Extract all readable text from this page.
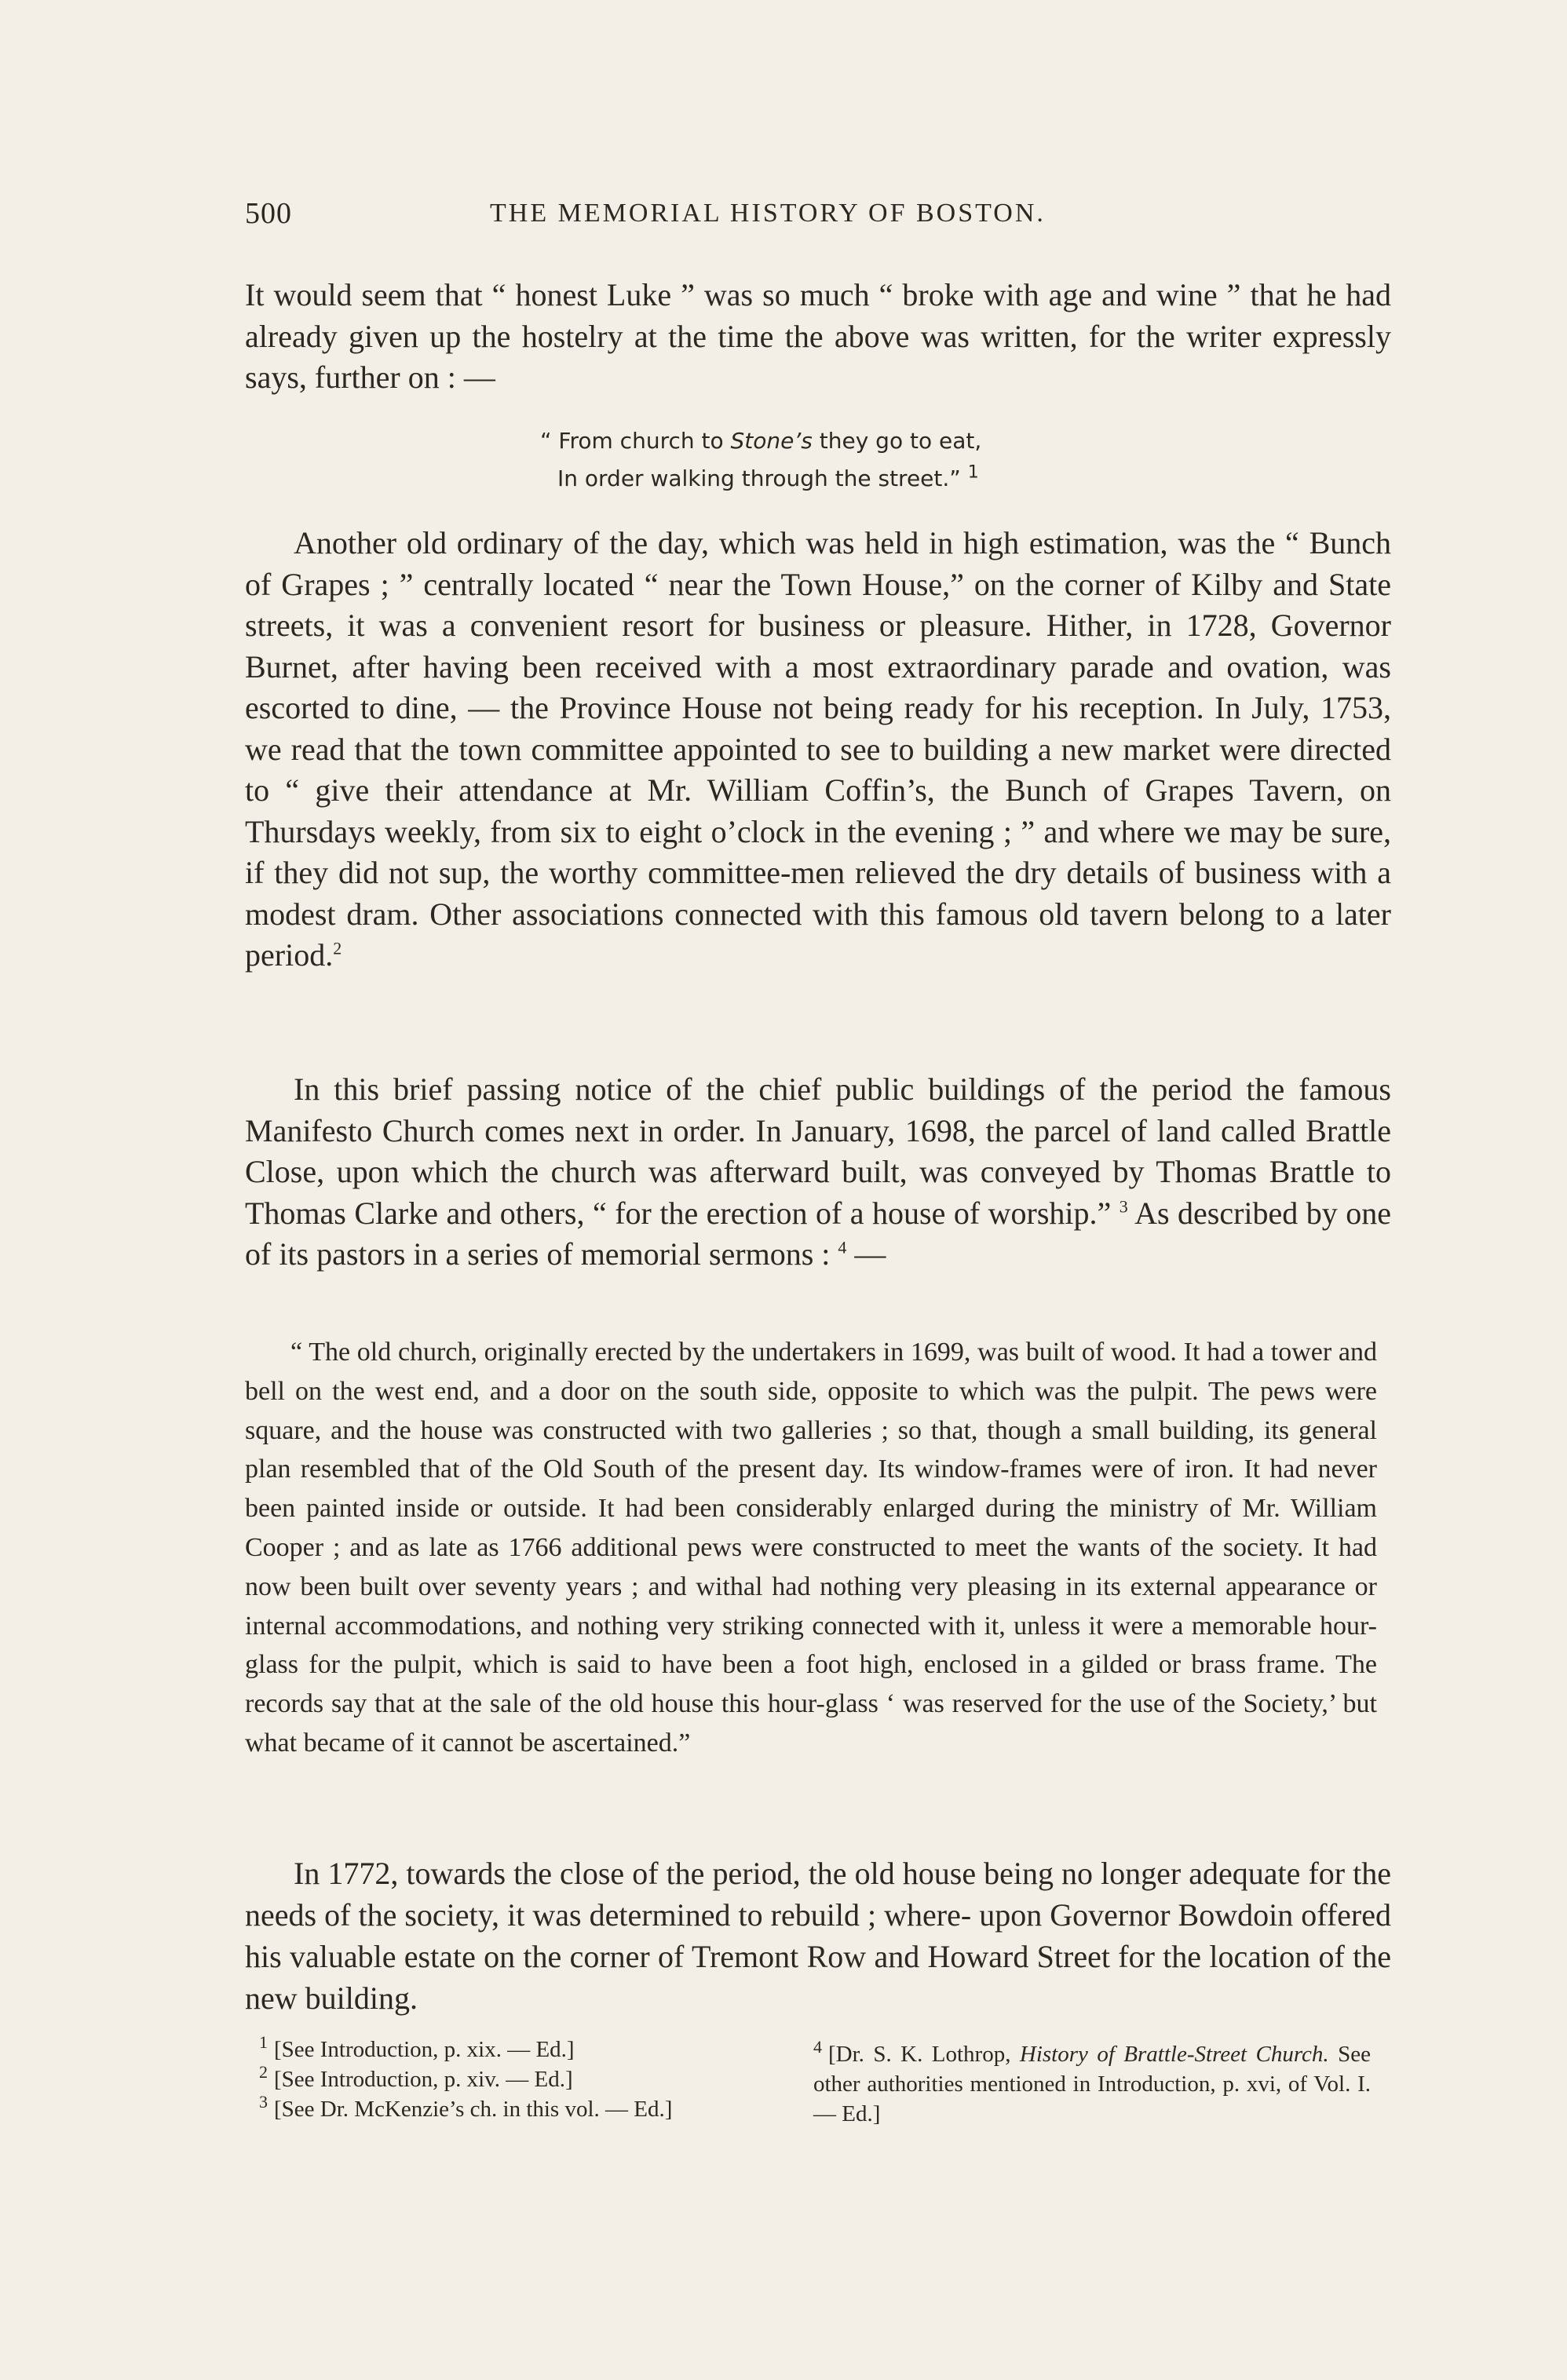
500	THE MEMORIAL HISTORY OF BOSTON.

It would seem that “ honest Luke ” was so much “ broke with age and wine ” that he had already given up the hostelry at the time the above was written, for the writer expressly says, further on : —

“ From church to Stone’s they go to eat,
In order walking through the street.” $^1$

Another old ordinary of the day, which was held in high estimation, was the “ Bunch of Grapes ; ” centrally located “ near the Town House,” on the corner of Kilby and State streets, it was a convenient resort for business or pleasure. Hither, in 1728, Governor Burnet, after having been received with a most extraordinary parade and ovation, was escorted to dine, — the Province House not being ready for his reception. In July, 1753, we read that the town committee appointed to see to building a new market were directed to “ give their attendance at Mr. William Coffin’s, the Bunch of Grapes Tavern, on Thursdays weekly, from six to eight o’clock in the evening ; ” and where we may be sure, if they did not sup, the worthy committee-men relieved the dry details of business with a modest dram. Other associations connected with this famous old tavern belong to a later period.$^2$

In this brief passing notice of the chief public buildings of the period the famous Manifesto Church comes next in order. In January, 1698, the parcel of land called Brattle Close, upon which the church was afterward built, was conveyed by Thomas Brattle to Thomas Clarke and others, “ for the erection of a house of worship.” $^3$ As described by one of its pastors in a series of memorial sermons : $^4$ —

“ The old church, originally erected by the undertakers in 1699, was built of wood. It had a tower and bell on the west end, and a door on the south side, opposite to which was the pulpit. The pews were square, and the house was constructed with two galleries ; so that, though a small building, its general plan resembled that of the Old South of the present day. Its window-frames were of iron. It had never been painted inside or outside. It had been considerably enlarged during the ministry of Mr. William Cooper ; and as late as 1766 additional pews were constructed to meet the wants of the society. It had now been built over seventy years ; and withal had nothing very pleasing in its external appearance or internal accommodations, and nothing very striking connected with it, unless it were a memorable hour-glass for the pulpit, which is said to have been a foot high, enclosed in a gilded or brass frame. The records say that at the sale of the old house this hour-glass ‘ was reserved for the use of the Society,’ but what became of it cannot be ascertained.”

In 1772, towards the close of the period, the old house being no longer adequate for the needs of the society, it was determined to rebuild ; where- upon Governor Bowdoin offered his valuable estate on the corner of Tremont Row and Howard Street for the location of the new building.

$^1$ [See Introduction, p. xix. — Ed.]
$^2$ [See Introduction, p. xiv. — Ed.]
$^3$ [See Dr. McKenzie’s ch. in this vol. — Ed.]
$^4$ [Dr. S. K. Lothrop, History of Brattle-Street Church. See other authorities mentioned in Introduction, p. xvi, of Vol. I. — Ed.]
